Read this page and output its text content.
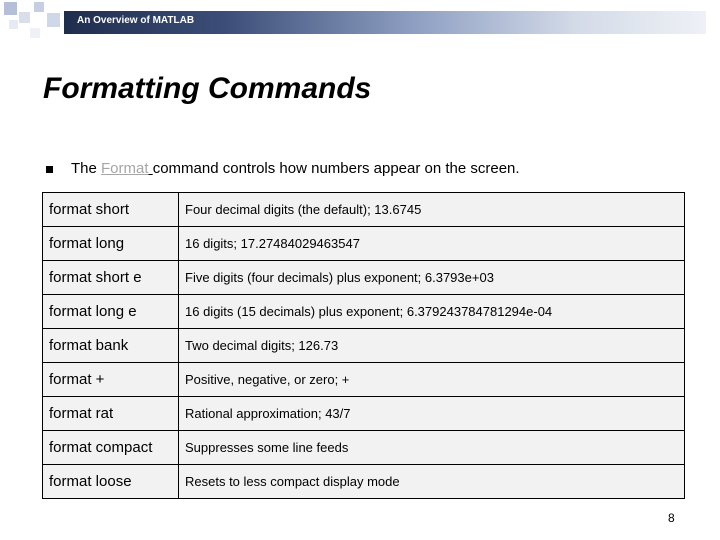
An Overview of MATLAB
Formatting Commands
The Format command controls how numbers appear on the screen.
format short	Four decimal digits (the default); 13.6745
format long	16 digits; 17.27484029463547
format short e	Five digits (four decimals) plus exponent; 6.3793e+03
format long e	16 digits (15 decimals) plus exponent; 6.379243784781294e-04
format bank	Two decimal digits; 126.73
format +	Positive, negative, or zero; +
format rat	Rational approximation; 43/7
format compact	Suppresses some line feeds
format loose	Resets to less compact display mode
8
